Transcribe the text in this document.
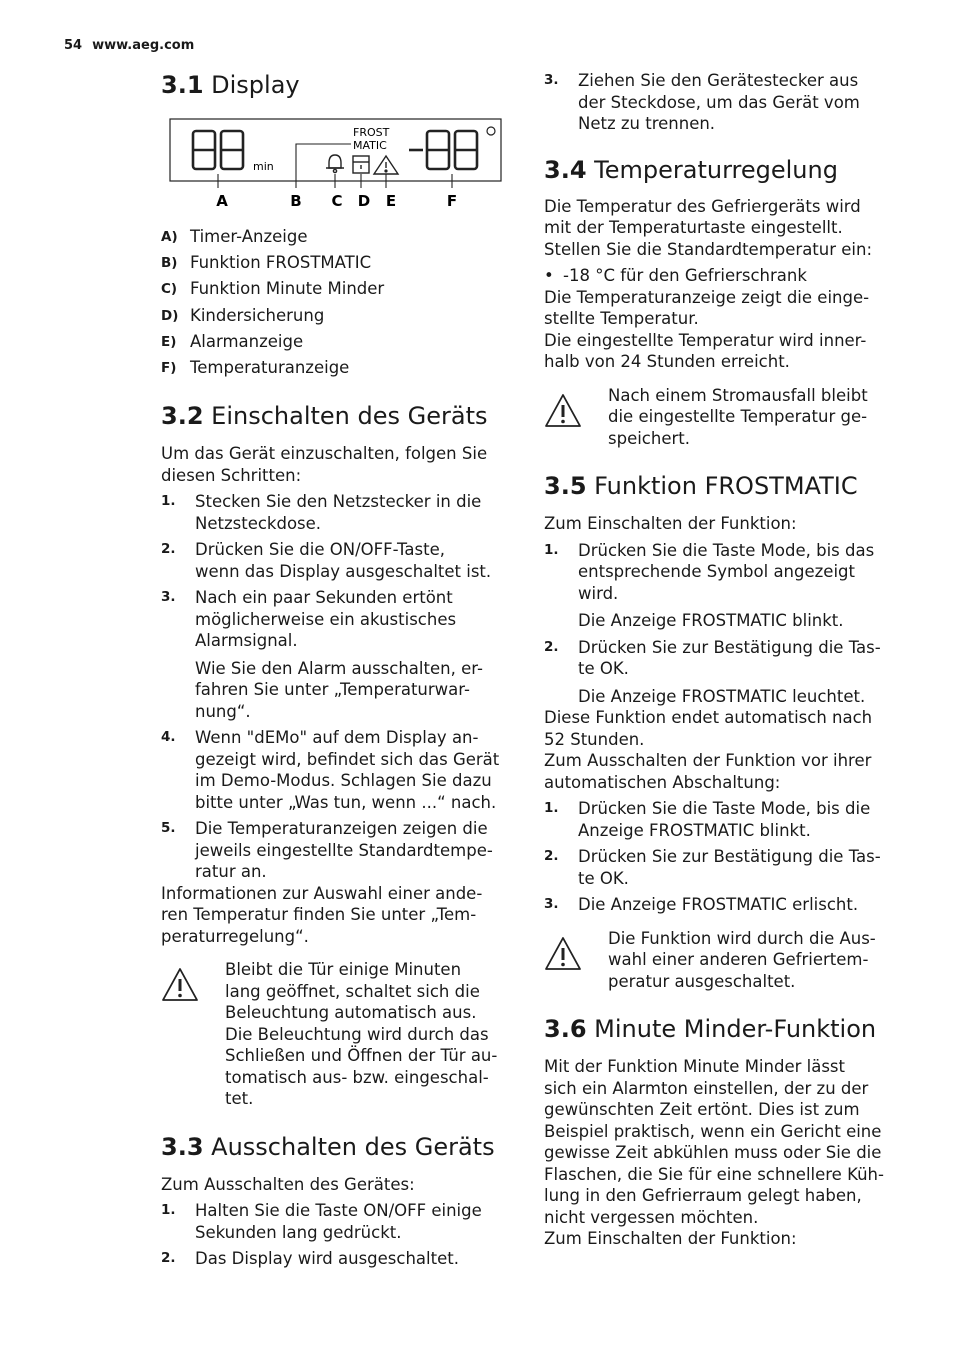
54 www.aeg.com
3.1 Display
min
FROST
MATIC
A	B C D E	F
A) Timer-Anzeige
B) Funktion FROSTMATIC
C) Funktion Minute Minder
D) Kindersicherung
E) Alarmanzeige
F) Temperaturanzeige
3.2 Einschalten des Geräts
Um das Gerät einzuschalten, folgen Sie
diesen Schritten:
1.	Stecken Sie den Netzstecker in die
Netzsteckdose.
2.	Drücken Sie die ON/OFF-Taste,
wenn das Display ausgeschaltet ist.
3.	Nach ein paar Sekunden ertönt
möglicherweise ein akustisches
Alarmsignal.
Wie Sie den Alarm ausschalten, er-
fahren Sie unter „Temperaturwar-
nung“.
4.	Wenn "dEMo" auf dem Display an-
gezeigt wird, befindet sich das Gerät
im Demo-Modus. Schlagen Sie dazu
bitte unter „Was tun, wenn ...“ nach.
5.	Die Temperaturanzeigen zeigen die
jeweils eingestellte Standardtempe-
ratur an.
Informationen zur Auswahl einer ande-
ren Temperatur finden Sie unter „Tem-
peraturregelung“.
Bleibt die Tür einige Minuten
lang geöffnet, schaltet sich die
Beleuchtung automatisch aus.
Die Beleuchtung wird durch das
Schließen und Öffnen der Tür au-
tomatisch aus- bzw. eingeschal-
tet.
3.3 Ausschalten des Geräts
Zum Ausschalten des Gerätes:
1.	Halten Sie die Taste ON/OFF einige
Sekunden lang gedrückt.
2.	Das Display wird ausgeschaltet.
3.	Ziehen Sie den Gerätestecker aus
der Steckdose, um das Gerät vom
Netz zu trennen.
3.4 Temperaturregelung
Die Temperatur des Gefriergeräts wird
mit der Temperaturtaste eingestellt.
Stellen Sie die Standardtemperatur ein:
• -18 °C für den Gefrierschrank
Die Temperaturanzeige zeigt die einge-
stellte Temperatur.
Die eingestellte Temperatur wird inner-
halb von 24 Stunden erreicht.
Nach einem Stromausfall bleibt
die eingestellte Temperatur ge-
speichert.
3.5 Funktion FROSTMATIC
Zum Einschalten der Funktion:
1.	Drücken Sie die Taste Mode, bis das
entsprechende Symbol angezeigt
wird.
Die Anzeige FROSTMATIC blinkt.
2.	Drücken Sie zur Bestätigung die Tas-
te OK.
Die Anzeige FROSTMATIC leuchtet.
Diese Funktion endet automatisch nach
52 Stunden.
Zum Ausschalten der Funktion vor ihrer
automatischen Abschaltung:
1.	Drücken Sie die Taste Mode, bis die
Anzeige FROSTMATIC blinkt.
2.	Drücken Sie zur Bestätigung die Tas-
te OK.
3.	Die Anzeige FROSTMATIC erlischt.
Die Funktion wird durch die Aus-
wahl einer anderen Gefriertem-
peratur ausgeschaltet.
3.6 Minute Minder-Funktion
Mit der Funktion Minute Minder lässt
sich ein Alarmton einstellen, der zu der
gewünschten Zeit ertönt. Dies ist zum
Beispiel praktisch, wenn ein Gericht eine
gewisse Zeit abkühlen muss oder Sie die
Flaschen, die Sie für eine schnellere Küh-
lung in den Gefrierraum gelegt haben,
nicht vergessen möchten.
Zum Einschalten der Funktion:
